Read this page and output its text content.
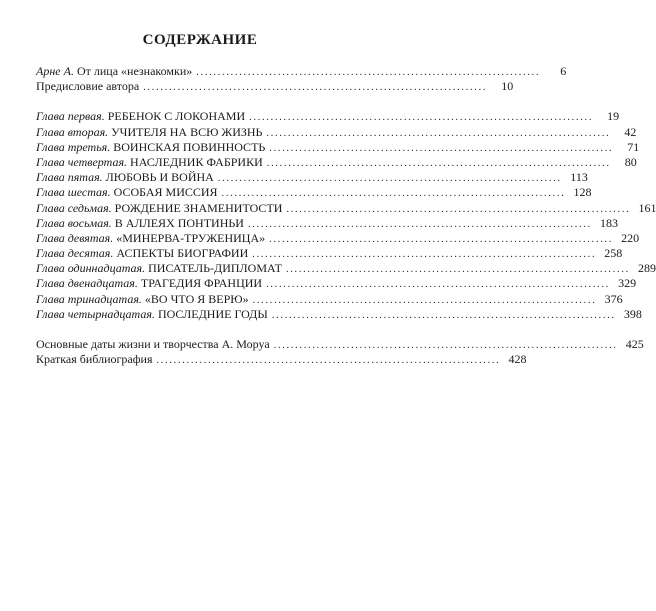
СОДЕРЖАНИЕ
Арне А. От лица «незнакомки» ................................................................................	6
Предисловие автора ................................................................................	10
Глава первая. РЕБЕНОК С ЛОКОНАМИ ................................................................................	19
Глава вторая. УЧИТЕЛЯ НА ВСЮ ЖИЗНЬ ................................................................................	42
Глава третья. ВОИНСКАЯ ПОВИННОСТЬ ................................................................................	71
Глава четвертая. НАСЛЕДНИК ФАБРИКИ ................................................................................	80
Глава пятая. ЛЮБОВЬ И ВОЙНА ................................................................................ 113
Глава шестая. ОСОБАЯ МИССИЯ ................................................................................ 128
Глава седьмая. РОЖДЕНИЕ ЗНАМЕНИТОСТИ ................................................................................ 161
Глава восьмая. В АЛЛЕЯХ ПОНТИНЬИ ................................................................................ 183
Глава девятая. «МИНЕРВА-ТРУЖЕНИЦА» ................................................................................ 220
Глава десятая. АСПЕКТЫ БИОГРАФИИ ................................................................................ 258
Глава одиннадцатая. ПИСАТЕЛЬ-ДИПЛОМАТ ................................................................................ 289
Глава двенадцатая. ТРАГЕДИЯ ФРАНЦИИ ................................................................................ 329
Глава тринадцатая. «ВО ЧТО Я ВЕРЮ» ................................................................................ 376
Глава четырнадцатая. ПОСЛЕДНИЕ ГОДЫ ................................................................................ 398
Основные даты жизни и творчества А. Моруа ................................................................................ 425
Краткая библиография ................................................................................ 428
